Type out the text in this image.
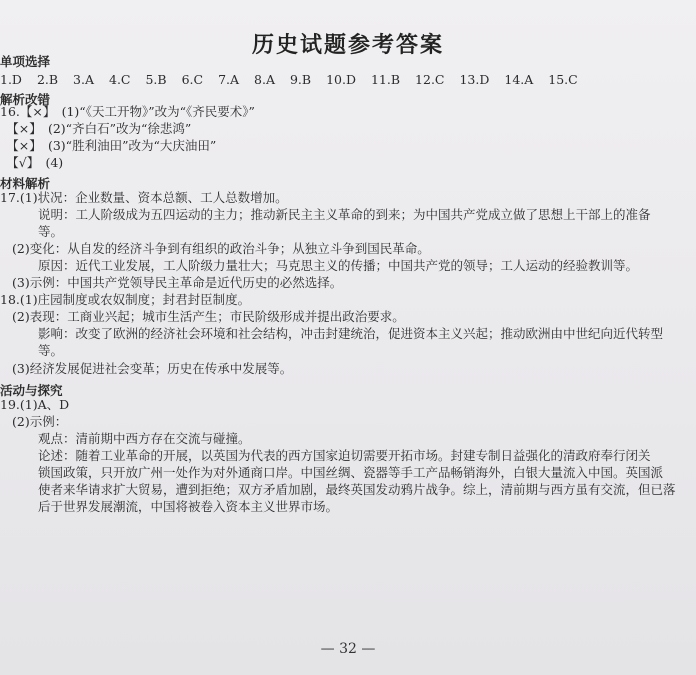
历史试题参考答案
单项选择
1.D 2.B 3.A 4.C 5.B 6.C 7.A 8.A 9.B 10.D 11.B 12.C 13.D 14.A 15.C
解析改错
16.【×】　(1)“《天工开物》”改为“《齐民要术》”
　【×】　(2)“齐白石”改为“徐悲鸿”
　【×】　(3)“胜利油田”改为“大庆油田”
　【√】　(4)
材料解析
17.(1)状况：企业数量、资本总额、工人总数增加。
说明：工人阶级成为五四运动的主力；推动新民主主义革命的到来；为中国共产党成立做了思想上干部上的准备
等。
(2)变化：从自发的经济斗争到有组织的政治斗争；从独立斗争到国民革命。
原因：近代工业发展，工人阶级力量壮大；马克思主义的传播；中国共产党的领导；工人运动的经验教训等。
(3)示例：中国共产党领导民主革命是近代历史的必然选择。
18.(1)庄园制度或农奴制度；封君封臣制度。
(2)表现：工商业兴起；城市生活产生；市民阶级形成并提出政治要求。
影响：改变了欧洲的经济社会环境和社会结构，冲击封建统治，促进资本主义兴起；推动欧洲由中世纪向近代转型
等。
(3)经济发展促进社会变革；历史在传承中发展等。
活动与探究
19.(1)A、D
(2)示例：
观点：清前期中西方存在交流与碰撞。
论述：随着工业革命的开展，以英国为代表的西方国家迫切需要开拓市场。封建专制日益强化的清政府奉行闭关
锁国政策，只开放广州一处作为对外通商口岸。中国丝绸、瓷器等手工产品畅销海外，白银大量流入中国。英国派
使者来华请求扩大贸易，遭到拒绝；双方矛盾加剧，最终英国发动鸦片战争。综上，清前期与西方虽有交流，但已落
后于世界发展潮流，中国将被卷入资本主义世界市场。
— 32 —
